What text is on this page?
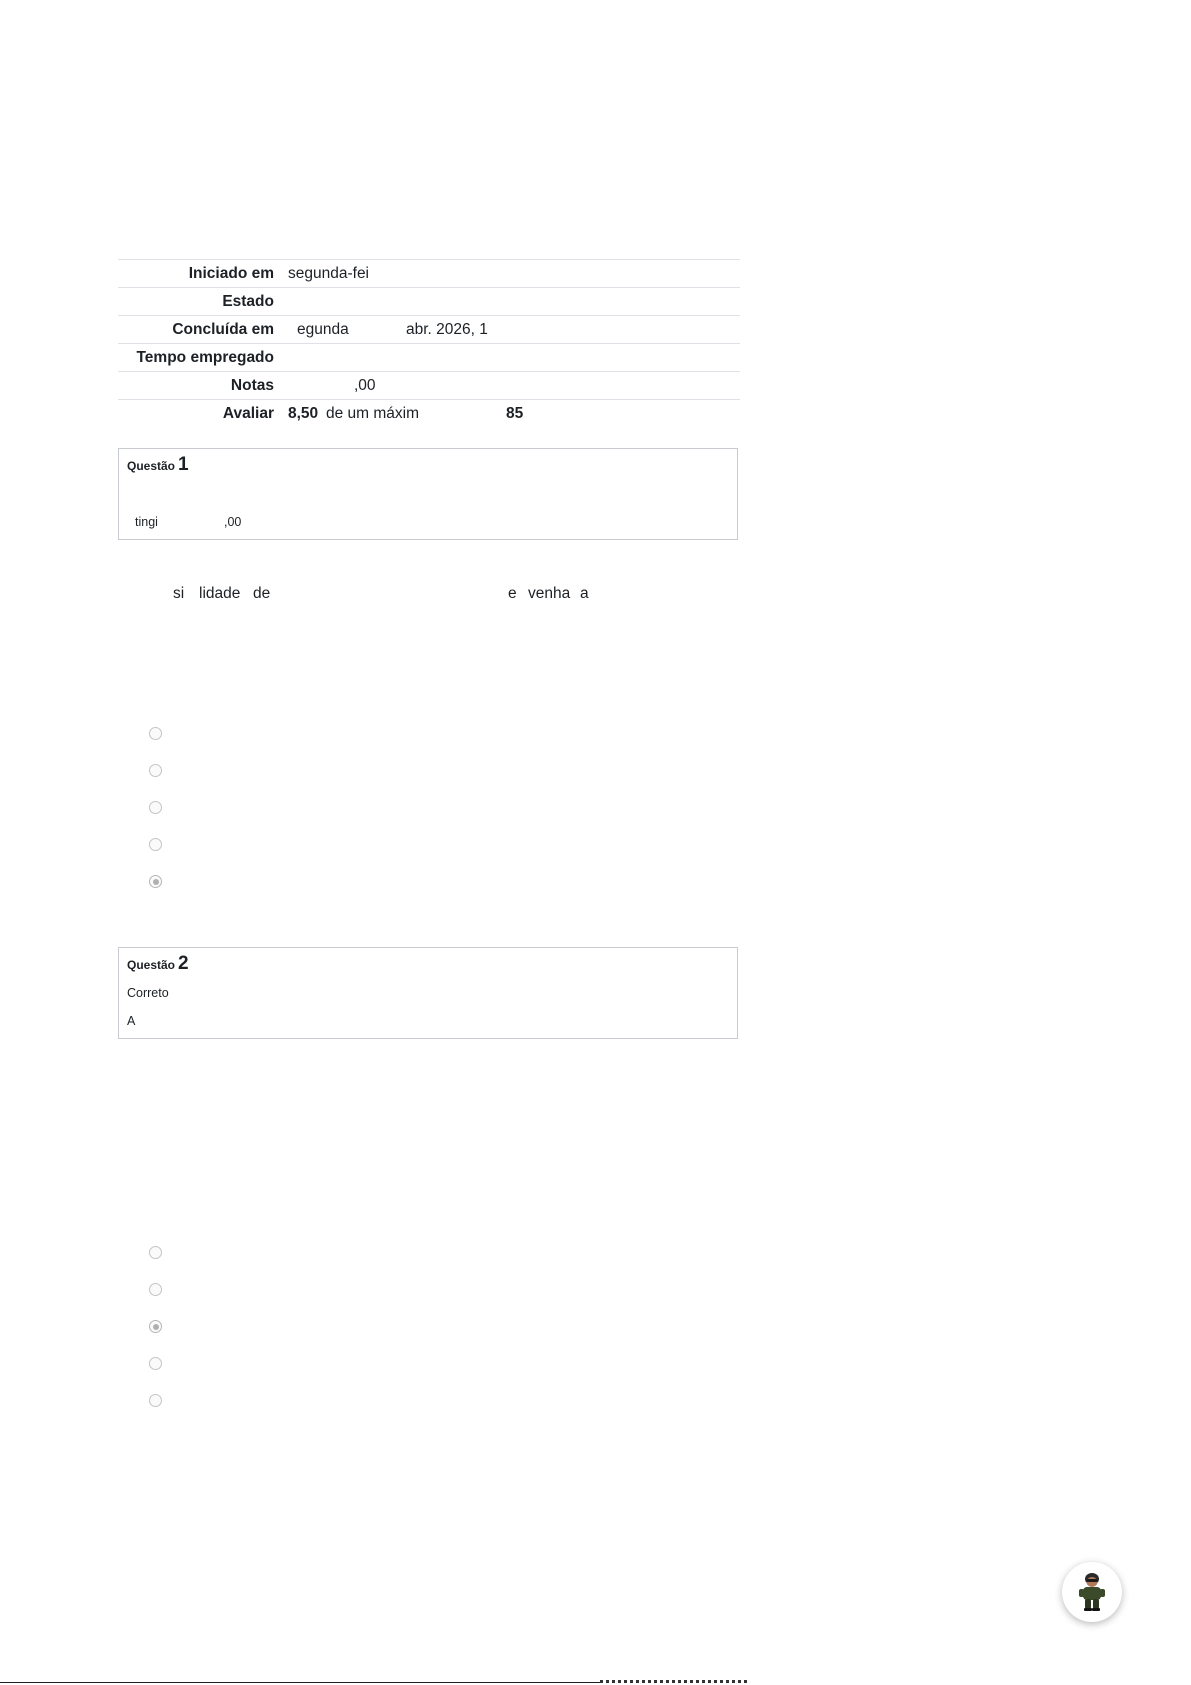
Iniciado em segunda-fei
Estado
Concluída em egunda	abr. 2026, 1
Tempo empregado
Notas	,00
Avaliar 8,50 de um máxim	85
Questão 1
tingi	,00
si lidade de	e venha a
Questão 2
Correto
A
